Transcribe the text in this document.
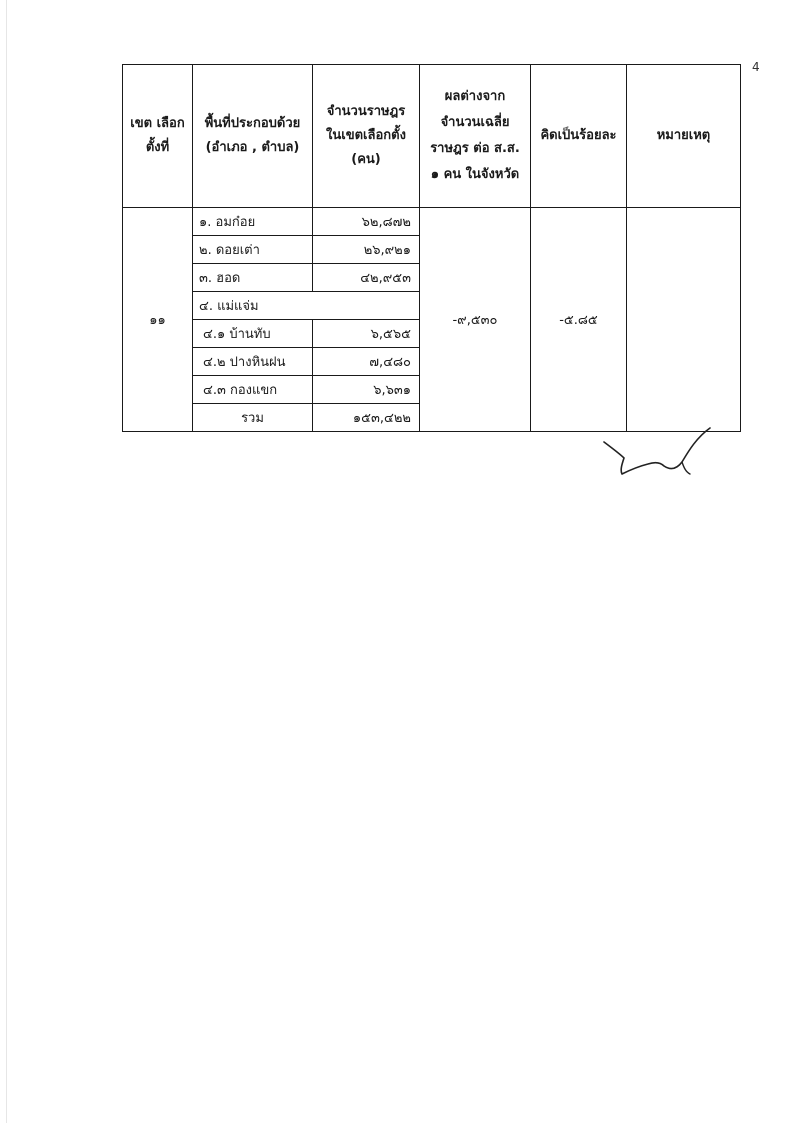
4
เขต เลือกตั้งที่	พื้นที่ประกอบด้วย (อำเภอ , ตำบล)	จำนวนราษฎร ในเขตเลือกตั้ง (คน)	ผลต่างจาก จำนวนเฉลี่ย ราษฎร ต่อ ส.ส. ๑ คน ในจังหวัด	คิดเป็นร้อยละ	หมายเหตุ
๑๑	๑. อมก๋อย	๖๒,๘๗๒	-๙,๕๓๐	-๕.๘๕	
	๒. ดอยเต่า	๒๖,๙๒๑			
	๓. ฮอด	๔๒,๙๕๓			
	๔. แม่แจ่ม				
	๔.๑ บ้านทับ	๖,๕๖๕			
	๔.๒ ปางหินฝน	๗,๔๘๐			
	๔.๓ กองแขก	๖,๖๓๑			
	รวม	๑๕๓,๔๒๒			
